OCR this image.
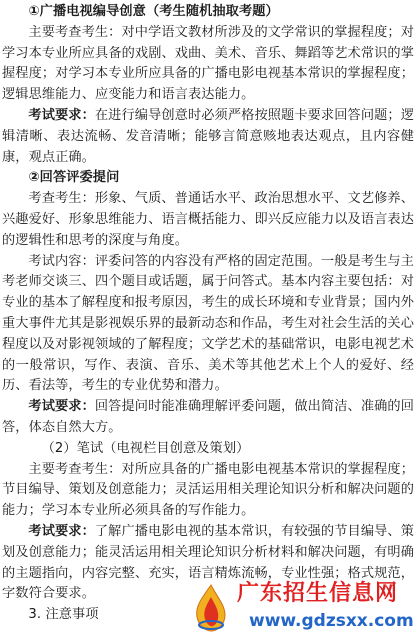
①广播电视编导创意（考生随机抽取考题）

主要考查考生：对中学语文教材所涉及的文学常识的掌握程度；对学习本专业所应具备的戏剧、戏曲、美术、音乐、舞蹈等艺术常识的掌握程度；对学习本专业所应具备的广播电影电视基本常识的掌握程度；逻辑思维能力、应变能力和语言表达能力。

考试要求：在进行编导创意时必须严格按照题卡要求回答问题；逻辑清晰、表达流畅、发音清晰；能够言简意赅地表达观点，且内容健康，观点正确。

②回答评委提问

考查考生：形象、气质、普通话水平、政治思想水平、文艺修养、兴趣爱好、形象思维能力、语言概括能力、即兴反应能力以及语言表达的逻辑性和思考的深度与角度。

考试内容：评委问答的内容没有严格的固定范围。一般是考生与主考老师交谈三、四个题目或话题，属于问答式。基本内容主要包括：对专业的基本了解程度和报考原因，考生的成长环境和专业背景；国内外重大事件尤其是影视娱乐界的最新动态和作品，考生对社会生活的关心程度以及对影视领域的了解程度；文学艺术的基础常识，电影电视艺术的一般常识，写作、表演、音乐、美术等其他艺术上个人的爱好、经历、看法等，考生的专业优势和潜力。

考试要求：回答提问时能准确理解评委问题，做出简洁、准确的回答，体态自然大方。

（2）笔试（电视栏目创意及策划）

主要考查考生：对所应具备的广播电影电视基本常识的掌握程度；节目编导、策划及创意能力；灵活运用相关理论知识分析和解决问题的能力；学习本专业所必须具备的写作能力。

考试要求：了解广播电影电视的基本常识，有较强的节目编导、策划及创意能力；能灵活运用相关理论知识分析材料和解决问题，有明确的主题指向，内容完整、充实，语言精炼流畅，专业性强；格式规范，字数符合要求。

3. 注意事项

广东招生信息网
www.gdzsxx.com
